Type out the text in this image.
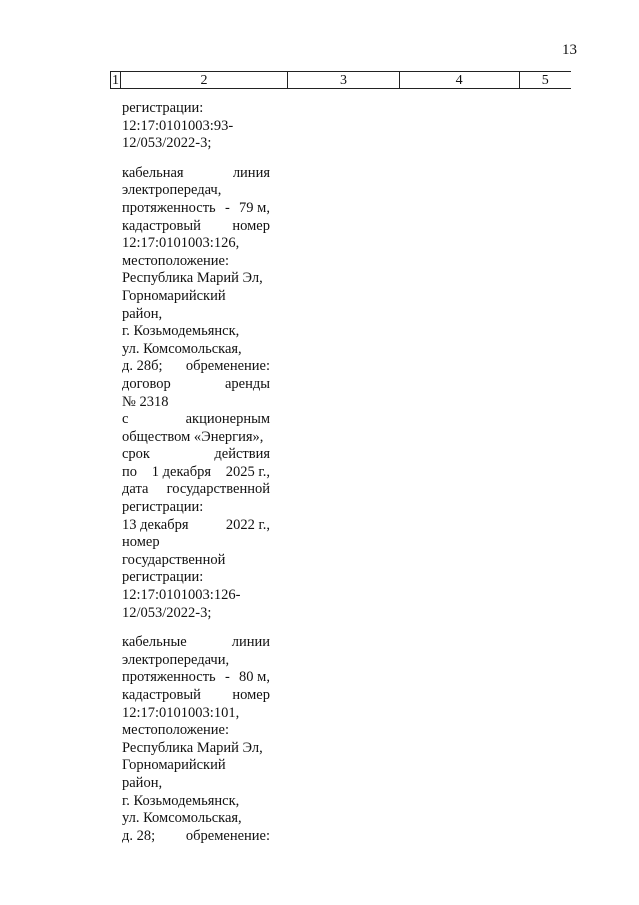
13
1	2	3	4	5
регистрации:
12:17:0101003:93-
12/053/2022-3;
кабельная	линия
электропередач,
протяженность - 79 м,
кадастровый номер
12:17:0101003:126,
местоположение:
Республика Марий Эл,
Горномарийский
район,
г. Козьмодемьянск,
ул. Комсомольская,
д. 28б; обременение:
договор	аренды
№ 2318
с	акционерным
обществом «Энергия»,
срок	действия
по 1 декабря 2025 г.,
дата государственной
регистрации:
13 декабря	2022 г.,
номер
государственной
регистрации:
12:17:0101003:126-
12/053/2022-3;
кабельные	линии
электропередачи,
протяженность - 80 м,
кадастровый номер
12:17:0101003:101,
местоположение:
Республика Марий Эл,
Горномарийский
район,
г. Козьмодемьянск,
ул. Комсомольская,
д. 28; обременение:
